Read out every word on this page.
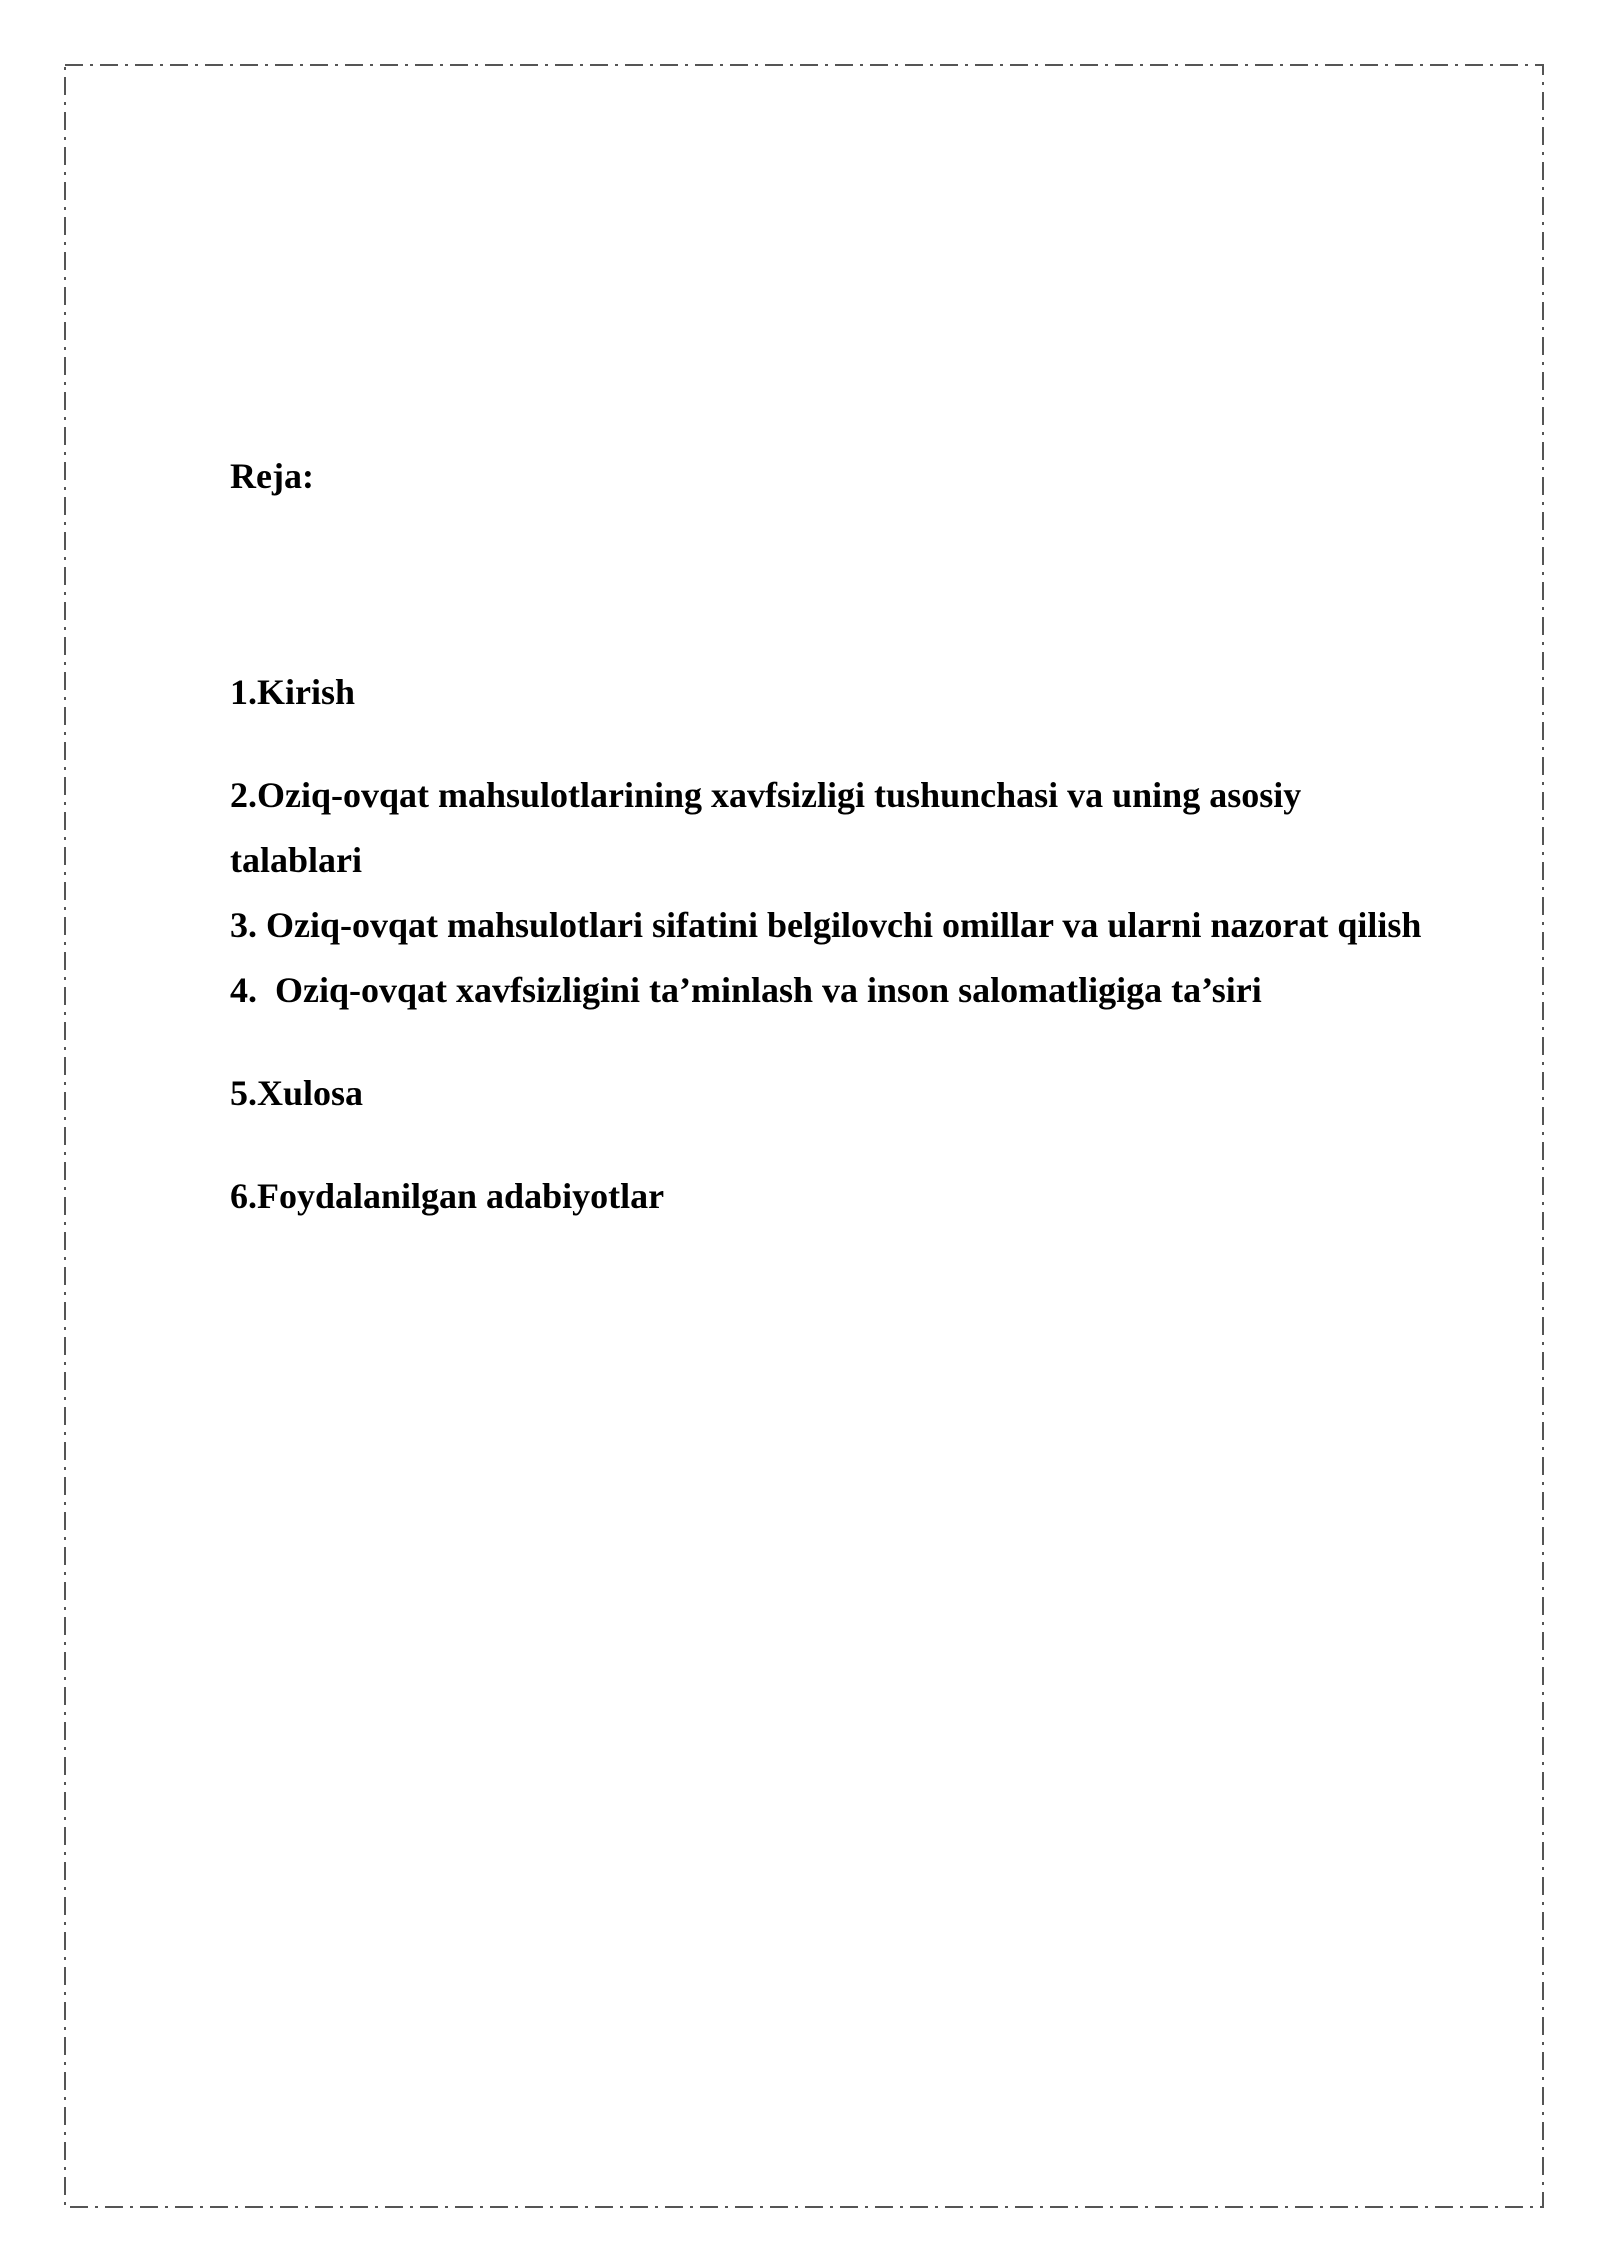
Reja:

1.Kirish

2.Oziq-ovqat mahsulotlarining xavfsizligi tushunchasi va uning asosiy talablari

3. Oziq-ovqat mahsulotlari sifatini belgilovchi omillar va ularni nazorat qilish

4.  Oziq-ovqat xavfsizligini ta’minlash va inson salomatligiga ta’siri

5.Xulosa

6.Foydalanilgan adabiyotlar
